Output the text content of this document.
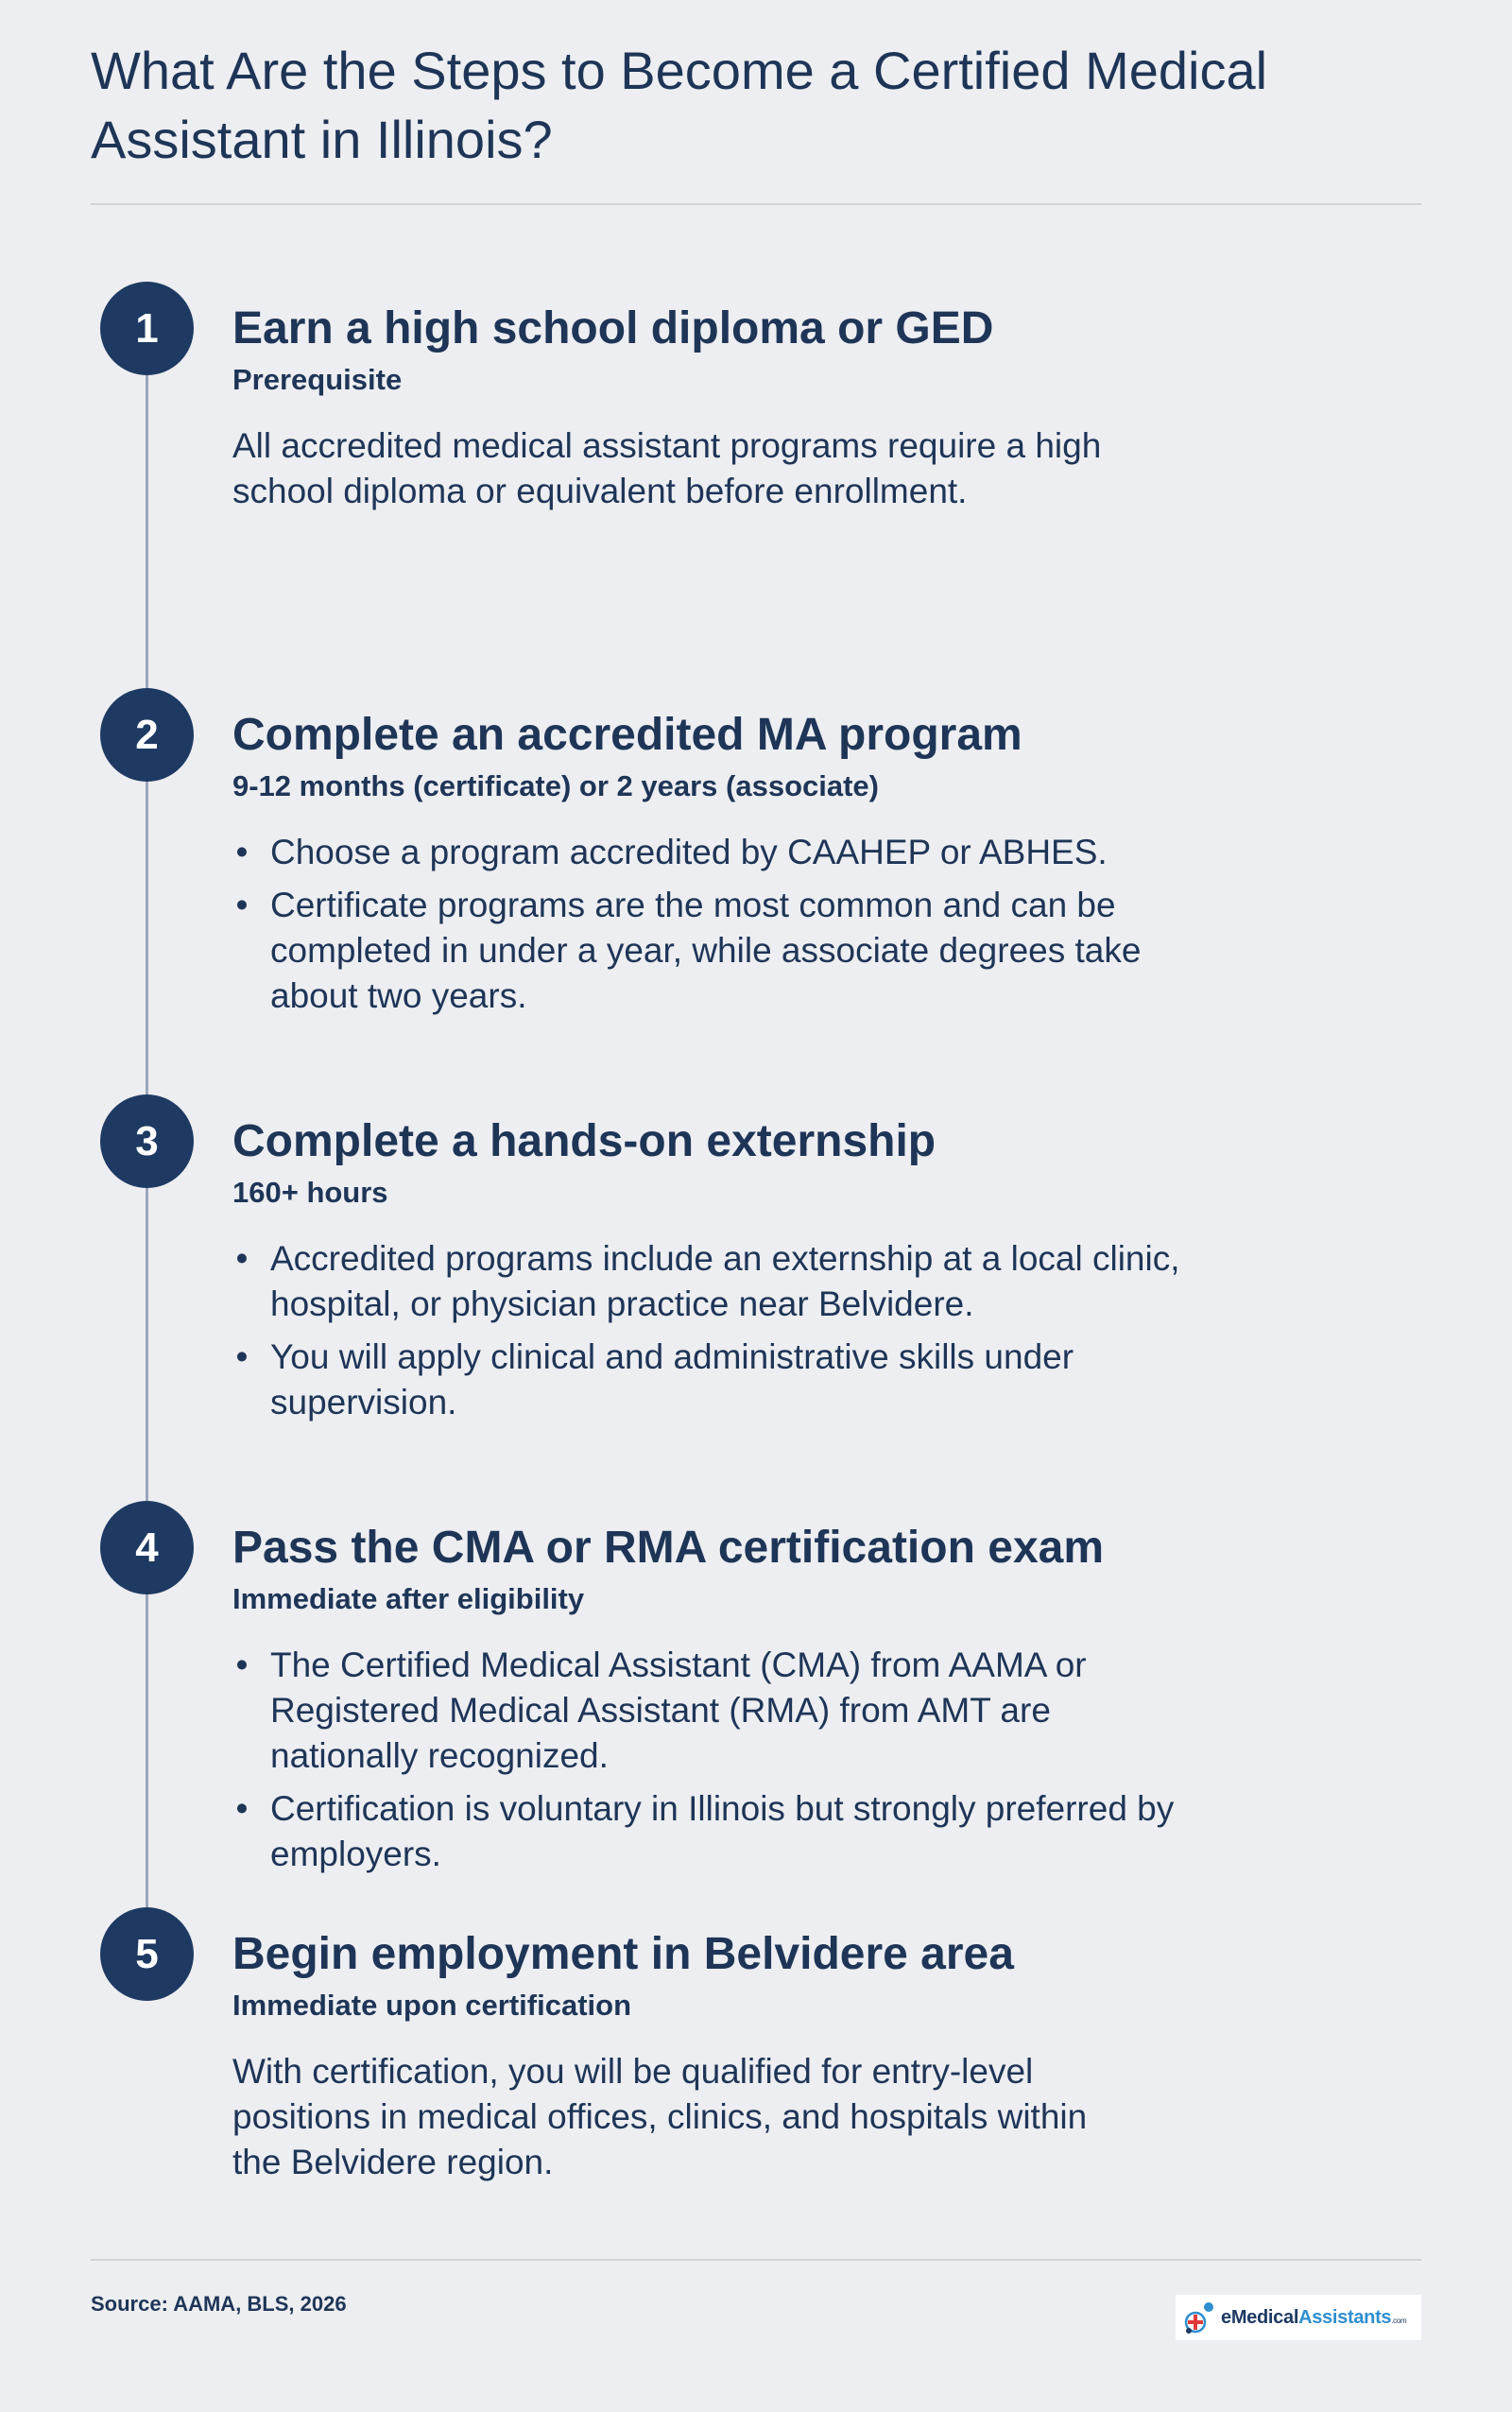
What Are the Steps to Become a Certified Medical Assistant in Illinois?
1	Earn a high school diploma or GED
Prerequisite
All accredited medical assistant programs require a high school diploma or equivalent before enrollment.
2	Complete an accredited MA program
9-12 months (certificate) or 2 years (associate)
• Choose a program accredited by CAAHEP or ABHES.
• Certificate programs are the most common and can be completed in under a year, while associate degrees take about two years.
3	Complete a hands-on externship
160+ hours
• Accredited programs include an externship at a local clinic, hospital, or physician practice near Belvidere.
• You will apply clinical and administrative skills under supervision.
4	Pass the CMA or RMA certification exam
Immediate after eligibility
• The Certified Medical Assistant (CMA) from AAMA or Registered Medical Assistant (RMA) from AMT are nationally recognized.
• Certification is voluntary in Illinois but strongly preferred by employers.
5	Begin employment in Belvidere area
Immediate upon certification
With certification, you will be qualified for entry-level positions in medical offices, clinics, and hospitals within the Belvidere region.
Source: AAMA, BLS, 2026
eMedicalAssistants.com
